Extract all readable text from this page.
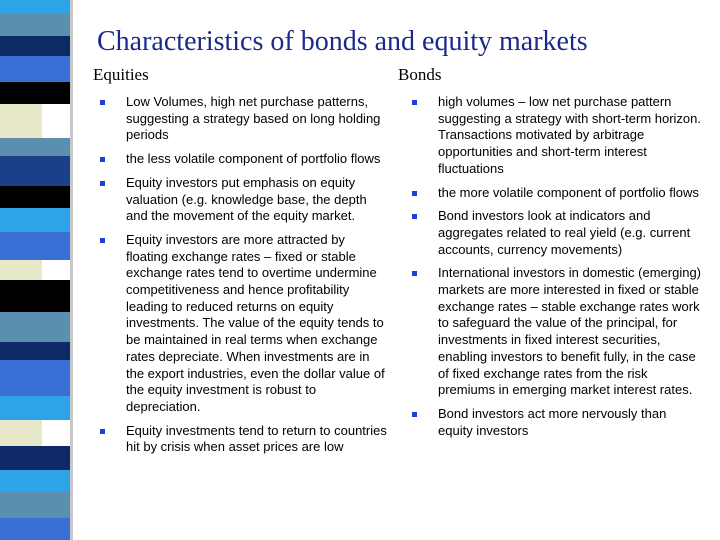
Characteristics of bonds and equity markets
Equities	Bonds
Low Volumes, high net purchase patterns, suggesting a strategy based on long holding periods
the less volatile component of portfolio flows
Equity investors put emphasis on equity valuation (e.g. knowledge base, the depth and the movement of the equity market.
Equity investors are more attracted by floating exchange rates – fixed or stable exchange rates tend to overtime undermine competitiveness and hence profitability leading to reduced returns on equity investments. The value of the equity tends to be maintained in real terms when exchange rates depreciate. When investments are in the export industries, even the dollar value of the equity investment is robust to depreciation.
Equity investments tend to return to countries hit by crisis when asset prices are low
high volumes – low net purchase pattern suggesting a strategy with short-term horizon. Transactions motivated by arbitrage opportunities and short-term interest fluctuations
the more volatile component of portfolio flows
Bond investors look at indicators and aggregates related to real yield (e.g. current accounts, currency movements)
International investors in domestic (emerging) markets are more interested in fixed or stable exchange rates – stable exchange rates work to safeguard the value of the principal, for investments in fixed interest securities, enabling investors to benefit fully, in the case of fixed exchange rates from the risk premiums in emerging market interest rates.
Bond investors act more nervously than equity investors
